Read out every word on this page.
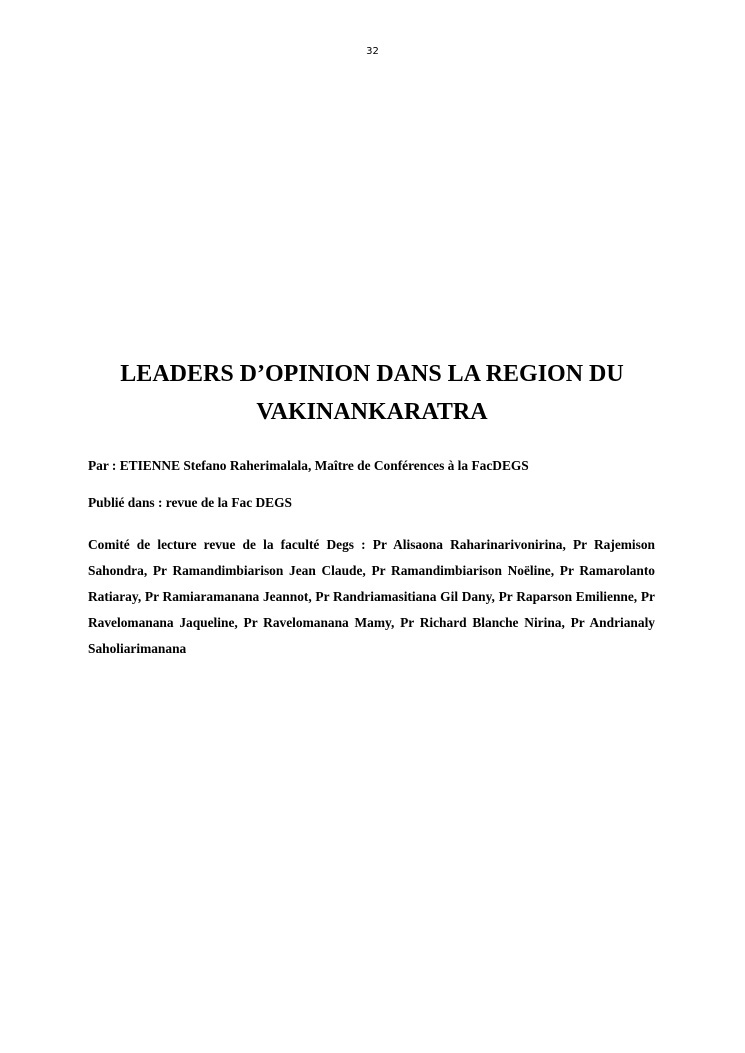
32
LEADERS D’OPINION DANS LA REGION DU
VAKINANKARATRA

Par : ETIENNE Stefano Raherimalala, Maître de Conférences à la FacDEGS

Publié dans : revue de la Fac DEGS

Comité de lecture revue de la faculté Degs : Pr Alisaona Raharinarivonirina, Pr Rajemison Sahondra, Pr Ramandimbiarison Jean Claude, Pr Ramandimbiarison Noëline, Pr Ramarolanto Ratiaray, Pr Ramiaramanana Jeannot, Pr Randriamasitiana Gil Dany, Pr Raparson Emilienne, Pr Ravelomanana Jaqueline, Pr Ravelomanana Mamy, Pr Richard Blanche Nirina, Pr Andrianaly Saholiarimanana
